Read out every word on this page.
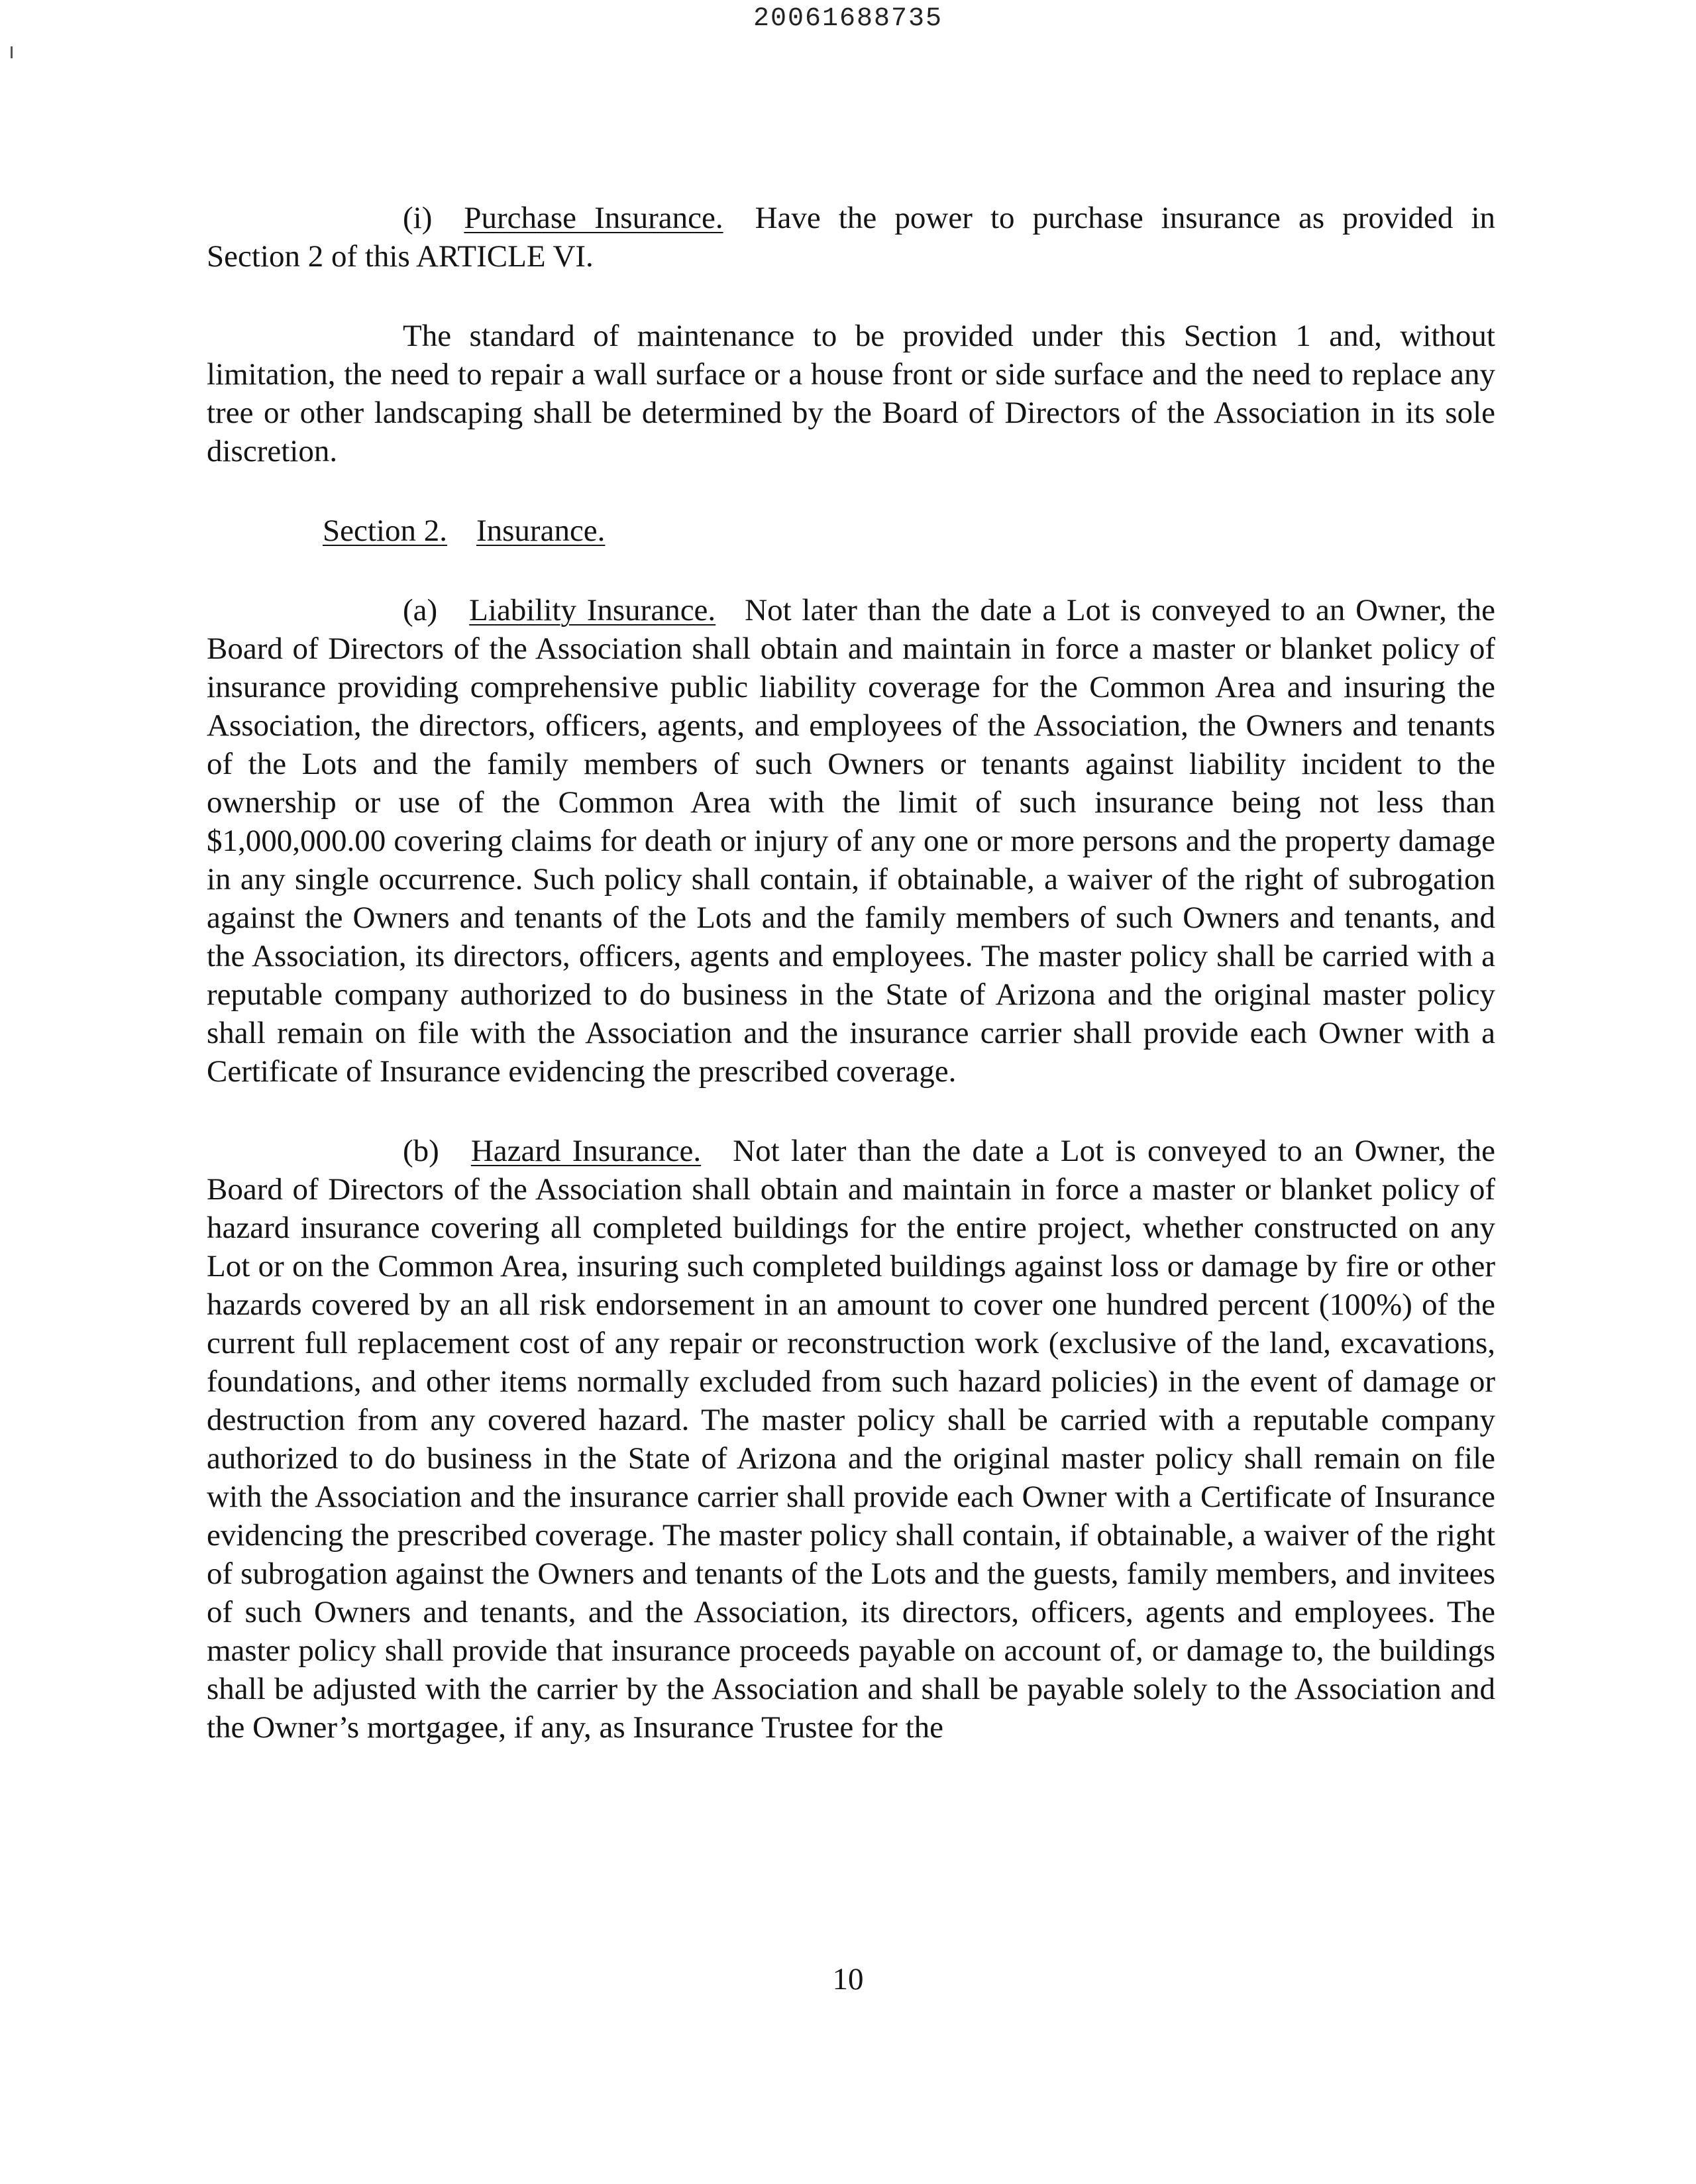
20061688735

(i) Purchase Insurance. Have the power to purchase insurance as provided in Section 2 of this ARTICLE VI.

The standard of maintenance to be provided under this Section 1 and, without limitation, the need to repair a wall surface or a house front or side surface and the need to replace any tree or other landscaping shall be determined by the Board of Directors of the Association in its sole discretion.

Section 2. Insurance.

(a) Liability Insurance. Not later than the date a Lot is conveyed to an Owner, the Board of Directors of the Association shall obtain and maintain in force a master or blanket policy of insurance providing comprehensive public liability coverage for the Common Area and insuring the Association, the directors, officers, agents, and employees of the Association, the Owners and tenants of the Lots and the family members of such Owners or tenants against liability incident to the ownership or use of the Common Area with the limit of such insurance being not less than $1,000,000.00 covering claims for death or injury of any one or more persons and the property damage in any single occurrence. Such policy shall contain, if obtainable, a waiver of the right of subrogation against the Owners and tenants of the Lots and the family members of such Owners and tenants, and the Association, its directors, officers, agents and employees. The master policy shall be carried with a reputable company authorized to do business in the State of Arizona and the original master policy shall remain on file with the Association and the insurance carrier shall provide each Owner with a Certificate of Insurance evidencing the prescribed coverage.

(b) Hazard Insurance. Not later than the date a Lot is conveyed to an Owner, the Board of Directors of the Association shall obtain and maintain in force a master or blanket policy of hazard insurance covering all completed buildings for the entire project, whether constructed on any Lot or on the Common Area, insuring such completed buildings against loss or damage by fire or other hazards covered by an all risk endorsement in an amount to cover one hundred percent (100%) of the current full replacement cost of any repair or reconstruction work (exclusive of the land, excavations, foundations, and other items normally excluded from such hazard policies) in the event of damage or destruction from any covered hazard. The master policy shall be carried with a reputable company authorized to do business in the State of Arizona and the original master policy shall remain on file with the Association and the insurance carrier shall provide each Owner with a Certificate of Insurance evidencing the prescribed coverage. The master policy shall contain, if obtainable, a waiver of the right of subrogation against the Owners and tenants of the Lots and the guests, family members, and invitees of such Owners and tenants, and the Association, its directors, officers, agents and employees. The master policy shall provide that insurance proceeds payable on account of, or damage to, the buildings shall be adjusted with the carrier by the Association and shall be payable solely to the Association and the Owner’s mortgagee, if any, as Insurance Trustee for the

10
